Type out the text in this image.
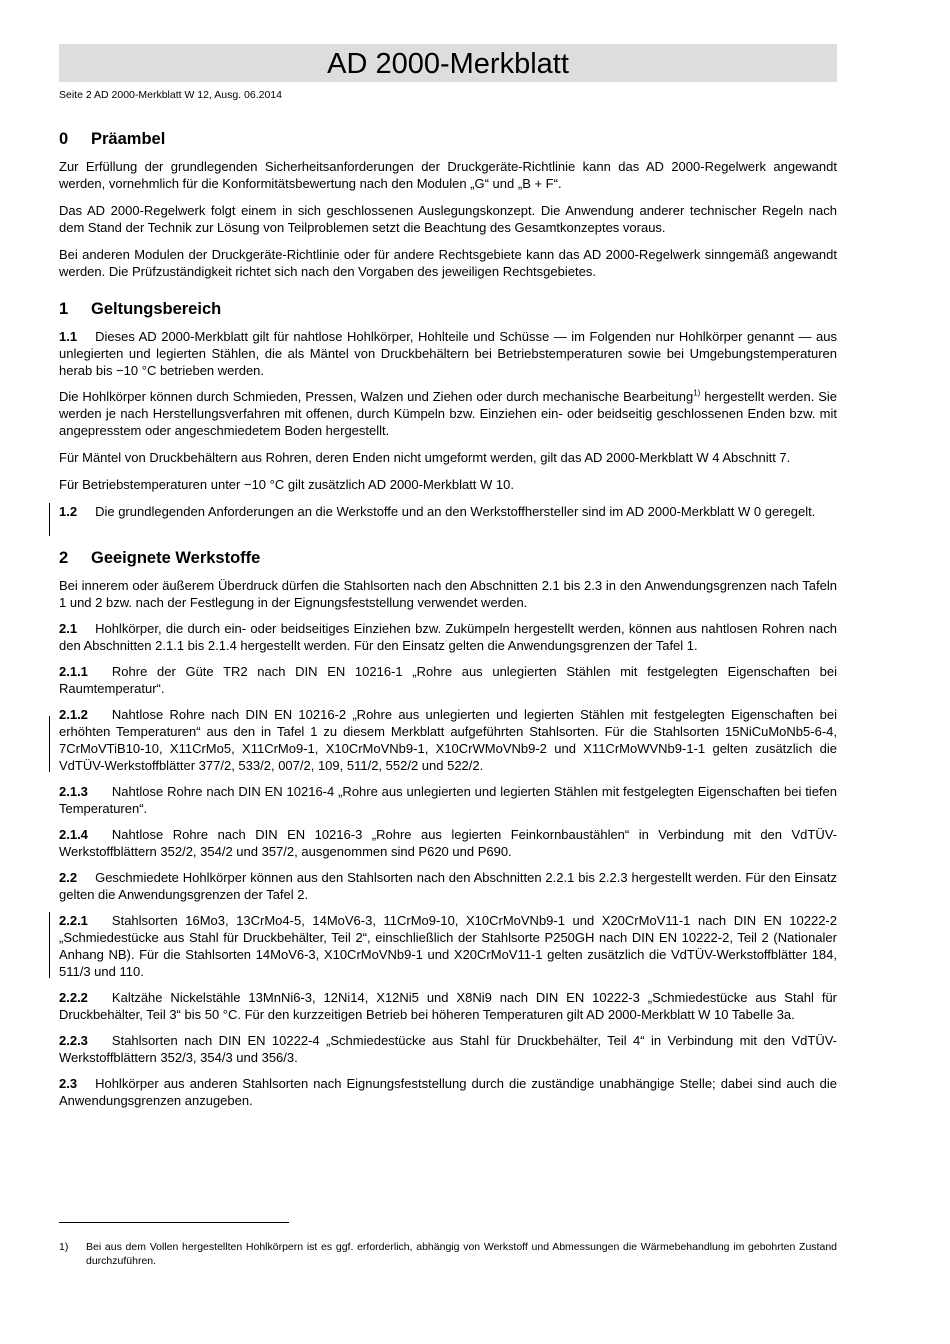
AD 2000-Merkblatt
Seite 2 AD 2000-Merkblatt W 12, Ausg. 06.2014
0 Präambel

Zur Erfüllung der grundlegenden Sicherheitsanforderungen der Druckgeräte-Richtlinie kann das AD 2000-Regelwerk angewandt werden, vornehmlich für die Konformitätsbewertung nach den Modulen „G“ und „B + F“.

Das AD 2000-Regelwerk folgt einem in sich geschlossenen Auslegungskonzept. Die Anwendung anderer technischer Regeln nach dem Stand der Technik zur Lösung von Teilproblemen setzt die Beachtung des Gesamtkonzeptes voraus.

Bei anderen Modulen der Druckgeräte-Richtlinie oder für andere Rechtsgebiete kann das AD 2000-Regelwerk sinngemäß angewandt werden. Die Prüfzuständigkeit richtet sich nach den Vorgaben des jeweiligen Rechtsgebietes.

1 Geltungsbereich

1.1 Dieses AD 2000-Merkblatt gilt für nahtlose Hohlkörper, Hohlteile und Schüsse — im Folgenden nur Hohlkörper genannt — aus unlegierten und legierten Stählen, die als Mäntel von Druckbehältern bei Betriebstemperaturen sowie bei Umgebungstemperaturen herab bis −10 °C betrieben werden.

Die Hohlkörper können durch Schmieden, Pressen, Walzen und Ziehen oder durch mechanische Bearbeitung$^{1)}$ hergestellt werden. Sie werden je nach Herstellungsverfahren mit offenen, durch Kümpeln bzw. Einziehen ein- oder beidseitig geschlossenen Enden bzw. mit angepresstem oder angeschmiedetem Boden hergestellt.

Für Mäntel von Druckbehältern aus Rohren, deren Enden nicht umgeformt werden, gilt das AD 2000-Merkblatt W 4 Abschnitt 7.

Für Betriebstemperaturen unter −10 °C gilt zusätzlich AD 2000-Merkblatt W 10.

1.2 Die grundlegenden Anforderungen an die Werkstoffe und an den Werkstoffhersteller sind im AD 2000-Merkblatt W 0 geregelt.

2 Geeignete Werkstoffe

Bei innerem oder äußerem Überdruck dürfen die Stahlsorten nach den Abschnitten 2.1 bis 2.3 in den Anwendungsgrenzen nach Tafeln 1 und 2 bzw. nach der Festlegung in der Eignungsfeststellung verwendet werden.

2.1 Hohlkörper, die durch ein- oder beidseitiges Einziehen bzw. Zukümpeln hergestellt werden, können aus nahtlosen Rohren nach den Abschnitten 2.1.1 bis 2.1.4 hergestellt werden. Für den Einsatz gelten die Anwendungsgrenzen der Tafel 1.

2.1.1 Rohre der Güte TR2 nach DIN EN 10216-1 „Rohre aus unlegierten Stählen mit festgelegten Eigenschaften bei Raumtemperatur“.

2.1.2 Nahtlose Rohre nach DIN EN 10216-2 „Rohre aus unlegierten und legierten Stählen mit festgelegten Eigenschaften bei erhöhten Temperaturen“ aus den in Tafel 1 zu diesem Merkblatt aufgeführten Stahlsorten. Für die Stahlsorten 15NiCuMoNb5-6-4, 7CrMoVTiB10-10, X11CrMo5, X11CrMo9-1, X10CrMoVNb9-1, X10CrWMoVNb9-2 und X11CrMoWVNb9-1-1 gelten zusätzlich die VdTÜV-Werkstoffblätter 377/2, 533/2, 007/2, 109, 511/2, 552/2 und 522/2.

2.1.3 Nahtlose Rohre nach DIN EN 10216-4 „Rohre aus unlegierten und legierten Stählen mit festgelegten Eigenschaften bei tiefen Temperaturen“.

2.1.4 Nahtlose Rohre nach DIN EN 10216-3 „Rohre aus legierten Feinkornbaustählen“ in Verbindung mit den VdTÜV-Werkstoffblättern 352/2, 354/2 und 357/2, ausgenommen sind P620 und P690.

2.2 Geschmiedete Hohlkörper können aus den Stahlsorten nach den Abschnitten 2.2.1 bis 2.2.3 hergestellt werden. Für den Einsatz gelten die Anwendungsgrenzen der Tafel 2.

2.2.1 Stahlsorten 16Mo3, 13CrMo4-5, 14MoV6-3, 11CrMo9-10, X10CrMoVNb9-1 und X20CrMoV11-1 nach DIN EN 10222-2 „Schmiedestücke aus Stahl für Druckbehälter, Teil 2“, einschließlich der Stahlsorte P250GH nach DIN EN 10222-2, Teil 2 (Nationaler Anhang NB). Für die Stahlsorten 14MoV6-3, X10CrMoVNb9-1 und X20CrMoV11-1 gelten zusätzlich die VdTÜV-Werkstoffblätter 184, 511/3 und 110.

2.2.2 Kaltzähe Nickelstähle 13MnNi6-3, 12Ni14, X12Ni5 und X8Ni9 nach DIN EN 10222-3 „Schmiedestücke aus Stahl für Druckbehälter, Teil 3“ bis 50 °C. Für den kurzzeitigen Betrieb bei höheren Temperaturen gilt AD 2000-Merkblatt W 10 Tabelle 3a.

2.2.3 Stahlsorten nach DIN EN 10222-4 „Schmiedestücke aus Stahl für Druckbehälter, Teil 4“ in Verbindung mit den VdTÜV-Werkstoffblättern 352/3, 354/3 und 356/3.

2.3 Hohlkörper aus anderen Stahlsorten nach Eignungsfeststellung durch die zuständige unabhängige Stelle; dabei sind auch die Anwendungsgrenzen anzugeben.

1) Bei aus dem Vollen hergestellten Hohlkörpern ist es ggf. erforderlich, abhängig von Werkstoff und Abmessungen die Wärmebehandlung im gebohrten Zustand durchzuführen.
